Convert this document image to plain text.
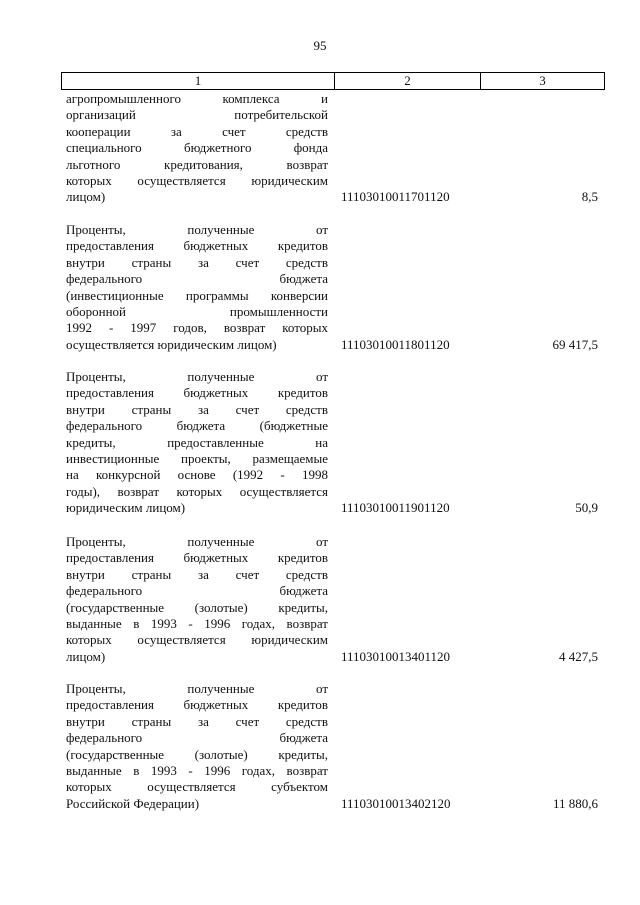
95
1	2	3
агропромышленного комплекса и
организаций потребительской
кооперации за счет средств
специального бюджетного фонда
льготного кредитования, возврат
которых осуществляется юридическим
лицом)	11103010011701120	8,5
Проценты, полученные от
предоставления бюджетных кредитов
внутри страны за счет средств
федерального бюджета
(инвестиционные программы конверсии
оборонной промышленности
1992 - 1997 годов, возврат которых
осуществляется юридическим лицом)	11103010011801120	69 417,5
Проценты, полученные от
предоставления бюджетных кредитов
внутри страны за счет средств
федерального бюджета (бюджетные
кредиты, предоставленные на
инвестиционные проекты, размещаемые
на конкурсной основе (1992 - 1998
годы), возврат которых осуществляется
юридическим лицом)	11103010011901120	50,9
Проценты, полученные от
предоставления бюджетных кредитов
внутри страны за счет средств
федерального бюджета
(государственные (золотые) кредиты,
выданные в 1993 - 1996 годах, возврат
которых осуществляется юридическим
лицом)	11103010013401120	4 427,5
Проценты, полученные от
предоставления бюджетных кредитов
внутри страны за счет средств
федерального бюджета
(государственные (золотые) кредиты,
выданные в 1993 - 1996 годах, возврат
которых осуществляется субъектом
Российской Федерации)	11103010013402120	11 880,6
